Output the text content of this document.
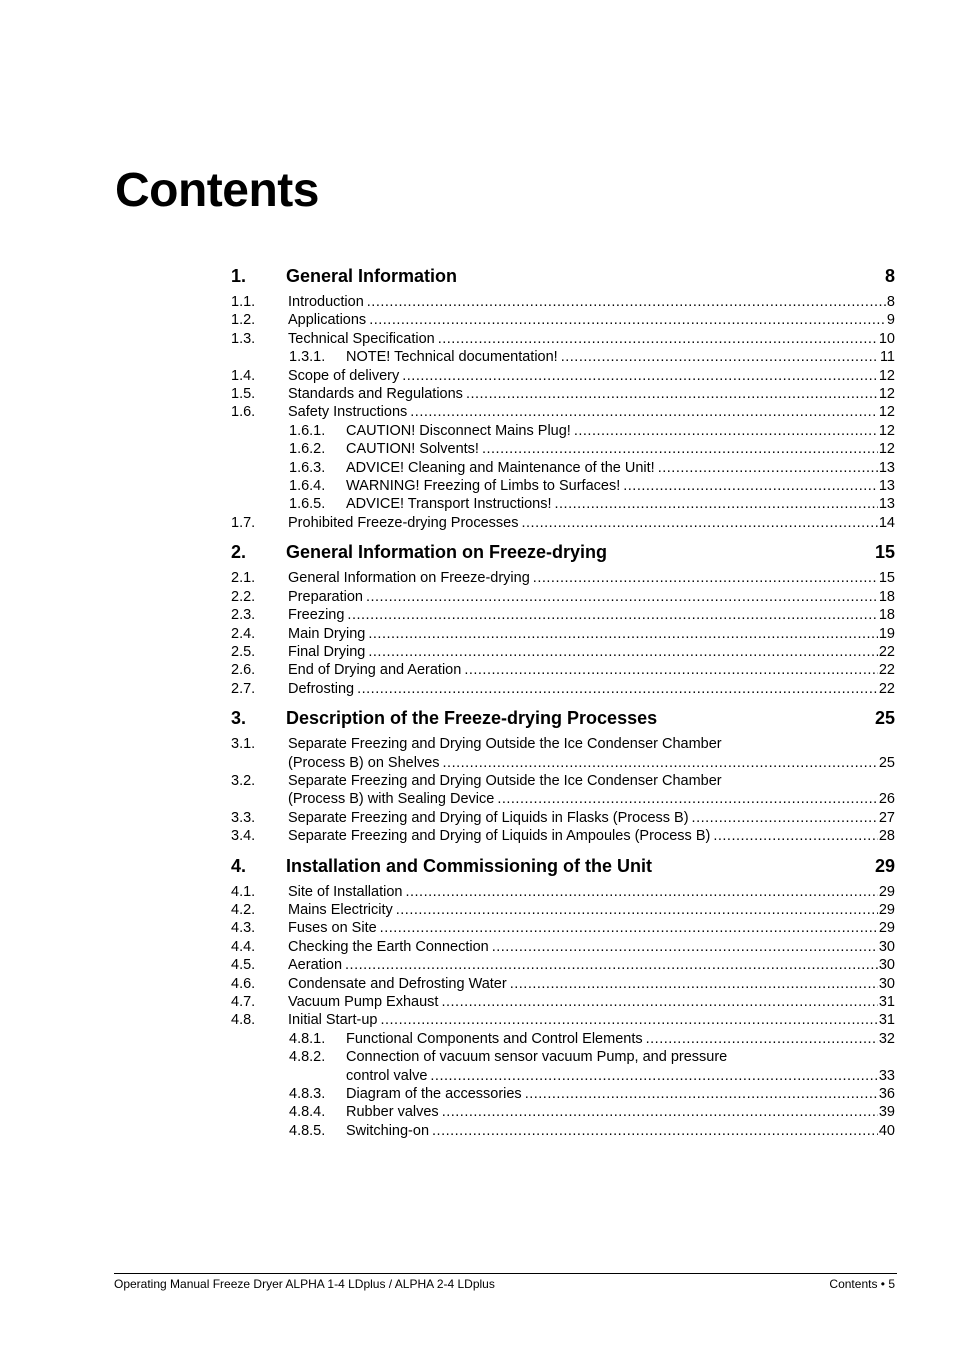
Contents
1.	General Information	8
1.1.	Introduction .....	8
1.2.	Applications .....	9
1.3.	Technical Specification .....	10
1.3.1.	NOTE! Technical documentation! .....	11
1.4.	Scope of delivery .....	12
1.5.	Standards and Regulations .....	12
1.6.	Safety Instructions .....	12
1.6.1.	CAUTION! Disconnect Mains Plug! .....	12
1.6.2.	CAUTION! Solvents! .....	12
1.6.3.	ADVICE! Cleaning and Maintenance of the Unit! .....	13
1.6.4.	WARNING! Freezing of Limbs to Surfaces! .....	13
1.6.5.	ADVICE! Transport Instructions! .....	13
1.7.	Prohibited Freeze-drying Processes .....	14
2.	General Information on Freeze-drying	15
2.1.	General Information on Freeze-drying .....	15
2.2.	Preparation .....	18
2.3.	Freezing .....	18
2.4.	Main Drying .....	19
2.5.	Final Drying .....	22
2.6.	End of Drying and Aeration .....	22
2.7.	Defrosting .....	22
3.	Description of the Freeze-drying Processes	25
3.1.	Separate Freezing and Drying Outside the Ice Condenser Chamber
(Process B) on Shelves .....	25
3.2.	Separate Freezing and Drying Outside the Ice Condenser Chamber
(Process B) with Sealing Device .....	26
3.3.	Separate Freezing and Drying of Liquids in Flasks (Process B) .....	27
3.4.	Separate Freezing and Drying of Liquids in Ampoules (Process B) .....	28
4.	Installation and Commissioning of the Unit	29
4.1.	Site of Installation .....	29
4.2.	Mains Electricity .....	29
4.3.	Fuses on Site .....	29
4.4.	Checking the Earth Connection .....	30
4.5.	Aeration .....	30
4.6.	Condensate and Defrosting Water .....	30
4.7.	Vacuum Pump Exhaust .....	31
4.8.	Initial Start-up .....	31
4.8.1.	Functional Components and Control Elements .....	32
4.8.2.	Connection of vacuum sensor vacuum Pump, and pressure
control valve .....	33
4.8.3.	Diagram of the accessories .....	36
4.8.4.	Rubber valves .....	39
4.8.5.	Switching-on .....	40
Operating Manual Freeze Dryer ALPHA 1-4 LDplus / ALPHA 2-4 LDplus	Contents • 5
